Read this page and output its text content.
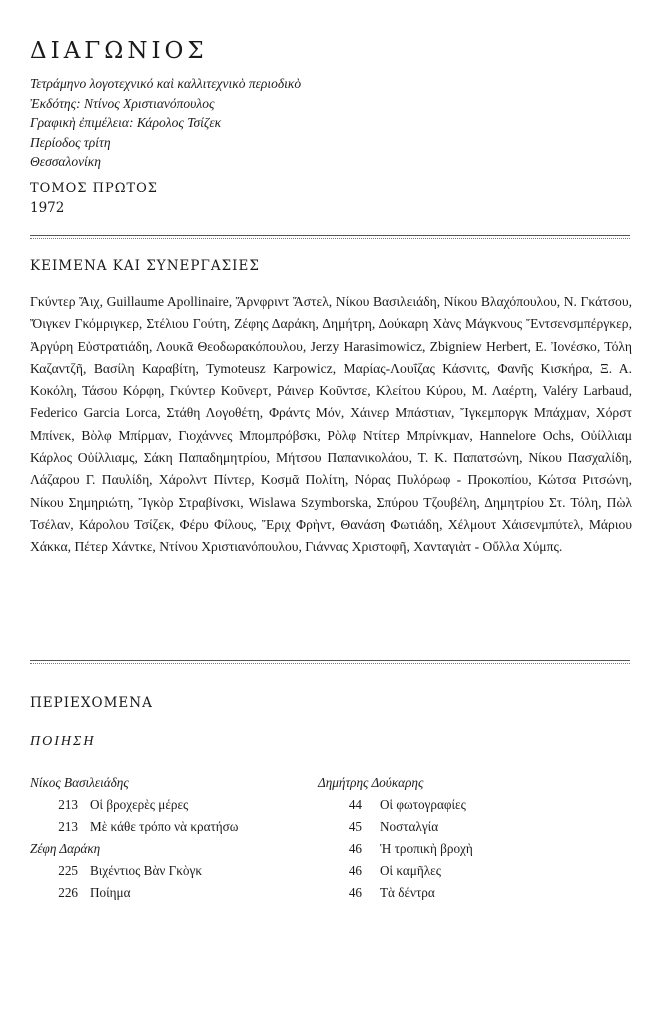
ΔΙΑΓΩΝΙΟΣ
Τετράμηνο λογοτεχνικό καὶ καλλιτεχνικὸ περιοδικὸ
Ἐκδότης: Ντίνος Χριστιανόπουλος
Γραφικὴ ἐπιμέλεια: Κάρολος Τσίζεκ
Περίοδος τρίτη
Θεσσαλονίκη
ΤΟΜΟΣ ΠΡΩΤΟΣ
1972
ΚΕΙΜΕΝΑ ΚΑΙ ΣΥΝΕΡΓΑΣΙΕΣ
Γκύντερ Ἄιχ, Guillaume Apollinaire, Ἄρνφριντ Ἄστελ, Νίκου Βασιλειάδη, Νίκου Βλαχόπουλου, Ν. Γκάτσου, Ὄιγκεν Γκόμριγκερ, Στέλιου Γούτη, Ζέφης Δαράκη, Δημήτρη, Δούκαρη Χὰνς Μάγκνους Ἔντσενσμπέργκερ, Ἀργύρη Εὐστρατιάδη, Λουκᾶ Θεοδωρακόπουλου, Jerzy Harasimowicz, Zbigniew Herbert, Ε. Ἰονέσκο, Τόλη Καζαντζῆ, Βασίλη Καραβίτη, Tymoteusz Karpowicz, Μαρίας-Λουΐζας Κάσνιτς, Φανῆς Κισκήρα, Ξ. Α. Κοκόλη, Τάσου Κόρφη, Γκύντερ Κοῦνερτ, Ράινερ Κοῦντσε, Κλείτου Κύρου, Μ. Λαέρτη, Valéry Larbaud, Federico Garcia Lorca, Στάθη Λογοθέτη, Φράντς Μόν, Χάινερ Μπάστιαν, Ἴγκεμποργκ Μπάχμαν, Χόρστ Μπίνεκ, Βὸλφ Μπίρμαν, Γιοχάννες Μπομπρόβσκι, Ρὸλφ Ντίτερ Μπρίνκμαν, Hannelore Ochs, Οὐίλλιαμ Κάρλος Οὐίλλιαμς, Σάκη Παπαδημητρίου, Μήτσου Παπανικολάου, Τ. Κ. Παπατσώνη, Νίκου Πασχαλίδη, Λάζαρου Γ. Παυλίδη, Χάρολντ Πίντερ, Κοσμᾶ Πολίτη, Νόρας Πυλόρωφ - Προκοπίου, Κώτσα Ριτσώνη, Νίκου Σημηριώτη, Ἴγκὸρ Στραβίνσκι, Wislawa Szymborska, Σπύρου Τζουβέλη, Δημητρίου Στ. Τόλη, Πὼλ Τσέλαν, Κάρολου Τσίζεκ, Φέρυ Φίλους, Ἔριχ Φρὴντ, Θανάση Φωτιάδη, Χέλμουτ Χάισενμπύτελ, Μάριου Χάκκα, Πέτερ Χάντκε, Ντίνου Χριστιανόπουλου, Γιάννας Χριστοφῆ, Χανταγιὰτ - Οὔλλα Χύμπς.
ΠΕΡΙΕΧΟΜΕΝΑ
ΠΟΙΗΣΗ
Νίκος Βασιλειάδης
213 Οἱ βροχερὲς μέρες
213 Μὲ κάθε τρόπο νὰ κρατήσω
Ζέφη Δαράκη
225 Βιχέντιος Βὰν Γκὸγκ
226 Ποίημα
Δημήτρης Δούκαρης
44 Οἱ φωτογραφίες
45 Νοσταλγία
46 Ἡ τροπικὴ βροχὴ
46 Οἱ καμῆλες
46 Τὰ δέντρα
